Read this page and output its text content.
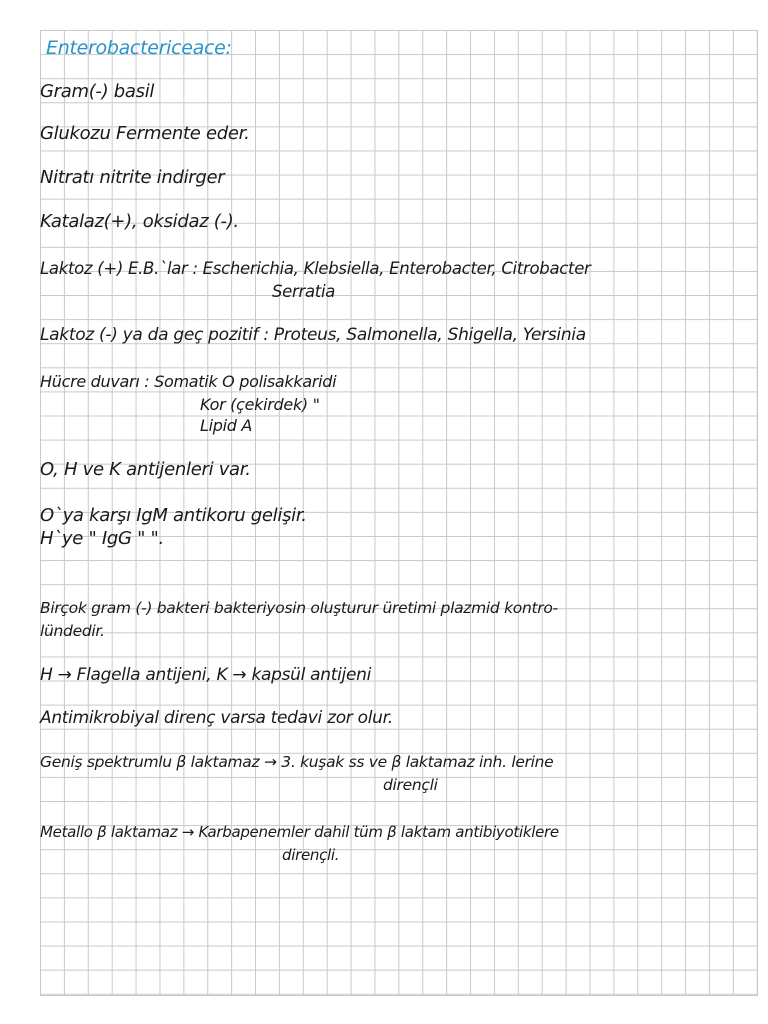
Enterobactericeace:
Gram(-) basil
Glukozu Fermente eder.
Nitratı nitrite indirger
Katalaz(+), oksidaz (-).
Laktoz (+) E.B.`lar : Escherichia, Klebsiella, Enterobacter, Citrobacter
Serratia
Laktoz (-) ya da geç pozitif : Proteus, Salmonella, Shigella, Yersinia
Hücre duvarı : Somatik O polisakkaridi
Kor (çekirdek) "
Lipid A
O, H ve K antijenleri var.
O`ya karşı IgM antikoru gelişir.
H`ye " IgG " ".
Birçok gram (-) bakteri bakteriyosin oluşturur üretimi plazmid kontro-
lündedir.
H → Flagella antijeni, K → kapsül antijeni
Antimikrobiyal direnç varsa tedavi zor olur.
Geniş spektrumlu β laktamaz → 3. kuşak ss ve β laktamaz inh. lerine
dirençli
Metallo β laktamaz → Karbapenemler dahil tüm β laktam antibiyotiklere
dirençli.
